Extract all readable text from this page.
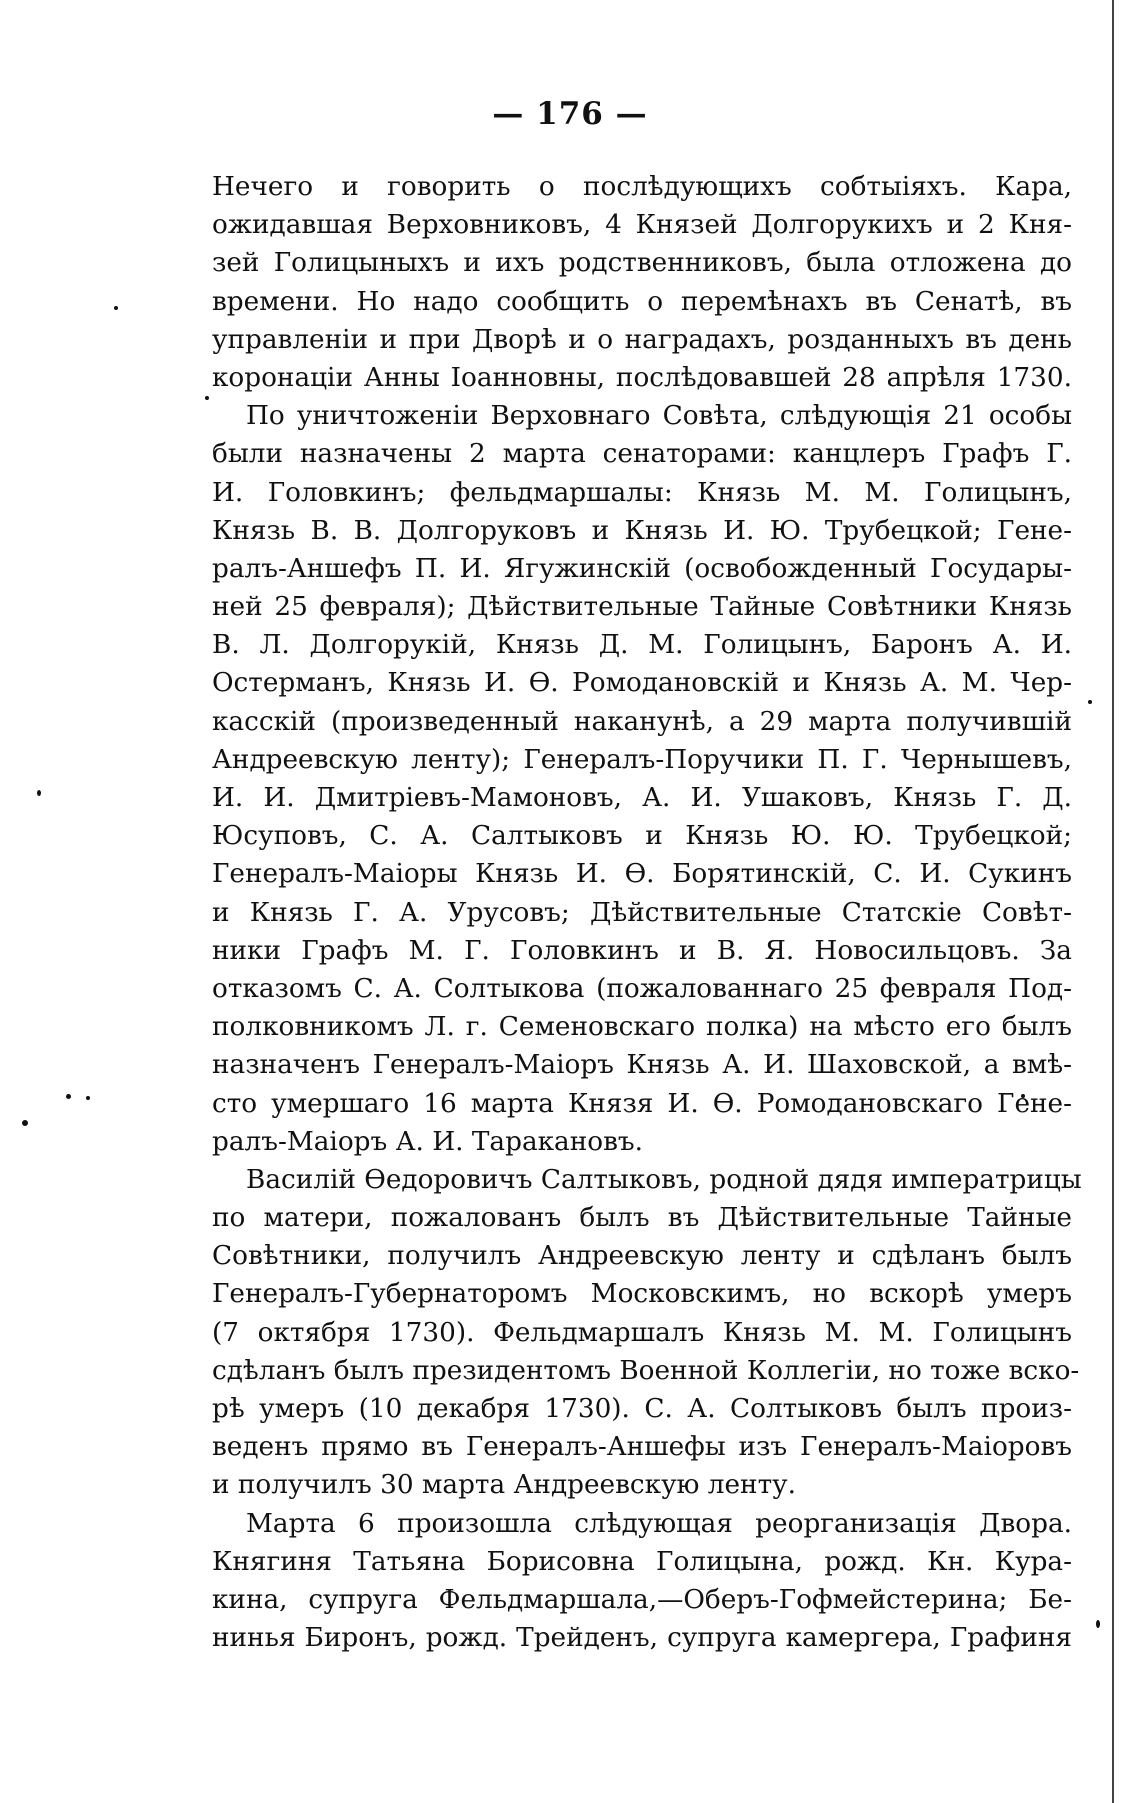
— 176 —
Нечего и говорить о послѣдующихъ собтыiяхъ. Кара,
ожидавшая Верховниковъ, 4 Князей Долгорукихъ и 2 Кня-
зей Голицыныхъ и ихъ родственниковъ, была отложена до
времени. Но надо сообщить о перемѣнахъ въ Сенатѣ, въ
управленiи и при Дворѣ и о наградахъ, розданныхъ въ день
коронацiи Анны Iоанновны, послѣдовавшей 28 апрѣля 1730.
По уничтоженiи Верховнаго Совѣта, слѣдующiя 21 особы
были назначены 2 марта сенаторами: канцлеръ Графъ Г.
И. Головкинъ; фельдмаршалы: Князь М. М. Голицынъ,
Князь В. В. Долгоруковъ и Князь И. Ю. Трубецкой; Гене-
ралъ-Аншефъ П. И. Ягужинскiй (освобожденный Государы-
ней 25 февраля); Дѣйствительные Тайные Совѣтники Князь
В. Л. Долгорукiй, Князь Д. М. Голицынъ, Баронъ А. И.
Остерманъ, Князь И. Ѳ. Ромодановскiй и Князь А. М. Чер-
касскiй (произведенный наканунѣ, а 29 марта получившiй
Андреевскую ленту); Генералъ-Поручики П. Г. Чернышевъ,
И. И. Дмитрiевъ-Мамоновъ, А. И. Ушаковъ, Князь Г. Д.
Юсуповъ, С. А. Салтыковъ и Князь Ю. Ю. Трубецкой;
Генералъ-Маiоры Князь И. Ѳ. Борятинскiй, С. И. Сукинъ
и Князь Г. А. Урусовъ; Дѣйствительные Статскiе Совѣт-
ники Графъ М. Г. Головкинъ и В. Я. Новосильцовъ. За
отказомъ С. А. Солтыкова (пожалованнаго 25 февраля Под-
полковникомъ Л. г. Семеновскаго полка) на мѣсто его былъ
назначенъ Генералъ-Маiоръ Князь А. И. Шаховской, а вмѣ-
сто умершаго 16 марта Князя И. Ѳ. Ромодановскаго Гене-
ралъ-Маiоръ А. И. Таракановъ.
Василiй Ѳедоровичъ Салтыковъ, родной дядя императрицы
по матери, пожалованъ былъ въ Дѣйствительные Тайные
Совѣтники, получилъ Андреевскую ленту и сдѣланъ былъ
Генералъ-Губернаторомъ Московскимъ, но вскорѣ умеръ
(7 октября 1730). Фельдмаршалъ Князь М. М. Голицынъ
сдѣланъ былъ президентомъ Военной Коллегiи, но тоже вско-
рѣ умеръ (10 декабря 1730). С. А. Солтыковъ былъ произ-
веденъ прямо въ Генералъ-Аншефы изъ Генералъ-Маiоровъ
и получилъ 30 марта Андреевскую ленту.
Марта 6 произошла слѣдующая реорганизацiя Двора.
Княгиня Татьяна Борисовна Голицына, рожд. Кн. Кура-
кина, супруга Фельдмаршала,—Оберъ-Гофмейстерина; Бе-
нинья Биронъ, рожд. Трейденъ, супруга камергера, Графиня
